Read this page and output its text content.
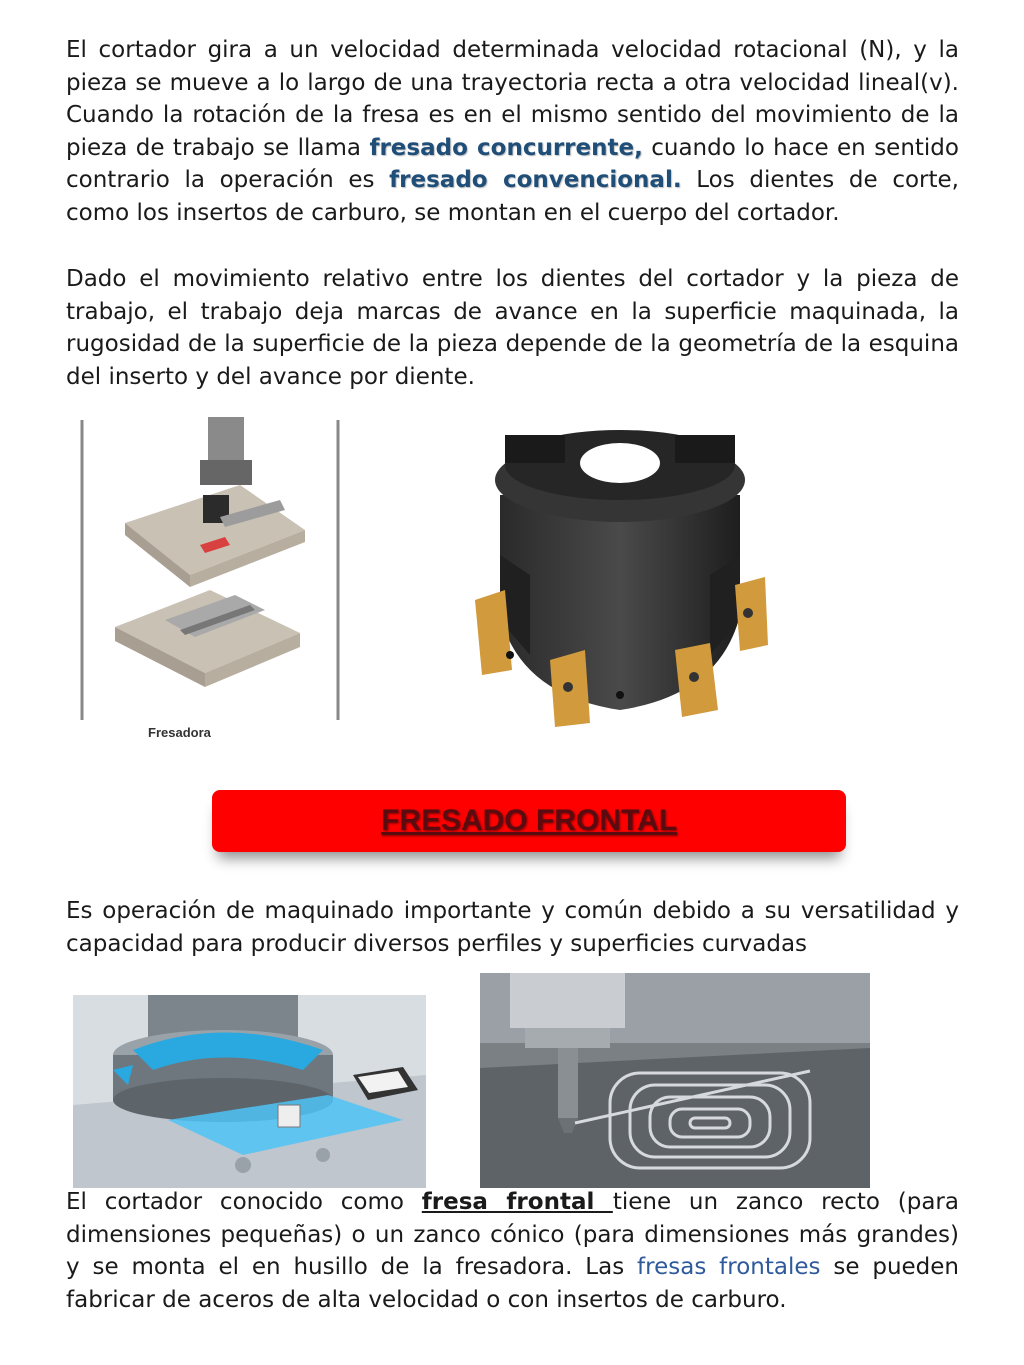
El cortador gira a un velocidad determinada velocidad rotacional (N), y la pieza se mueve a lo largo de una trayectoria recta a otra velocidad lineal(v). Cuando la rotación de la fresa es en el mismo sentido del movimiento de la pieza de trabajo se llama fresado concurrente, cuando lo hace en sentido contrario la operación es fresado convencional. Los dientes de corte, como los insertos de carburo, se montan en el cuerpo del cortador.

Dado el movimiento relativo entre los dientes del cortador y la pieza de trabajo, el trabajo deja marcas de avance en la superficie maquinada, la rugosidad de la superficie de la pieza depende de la geometría de la esquina del inserto y del avance por diente.

Fresadora
FRESADO FRONTAL

Es operación de maquinado importante y común debido a su versatilidad y capacidad para producir diversos perfiles y superficies curvadas

El cortador conocido como fresa frontal tiene un zanco recto (para dimensiones pequeñas) o un zanco cónico (para dimensiones más grandes) y se monta el en husillo de la fresadora. Las fresas frontales se pueden fabricar de aceros de alta velocidad o con insertos de carburo.
